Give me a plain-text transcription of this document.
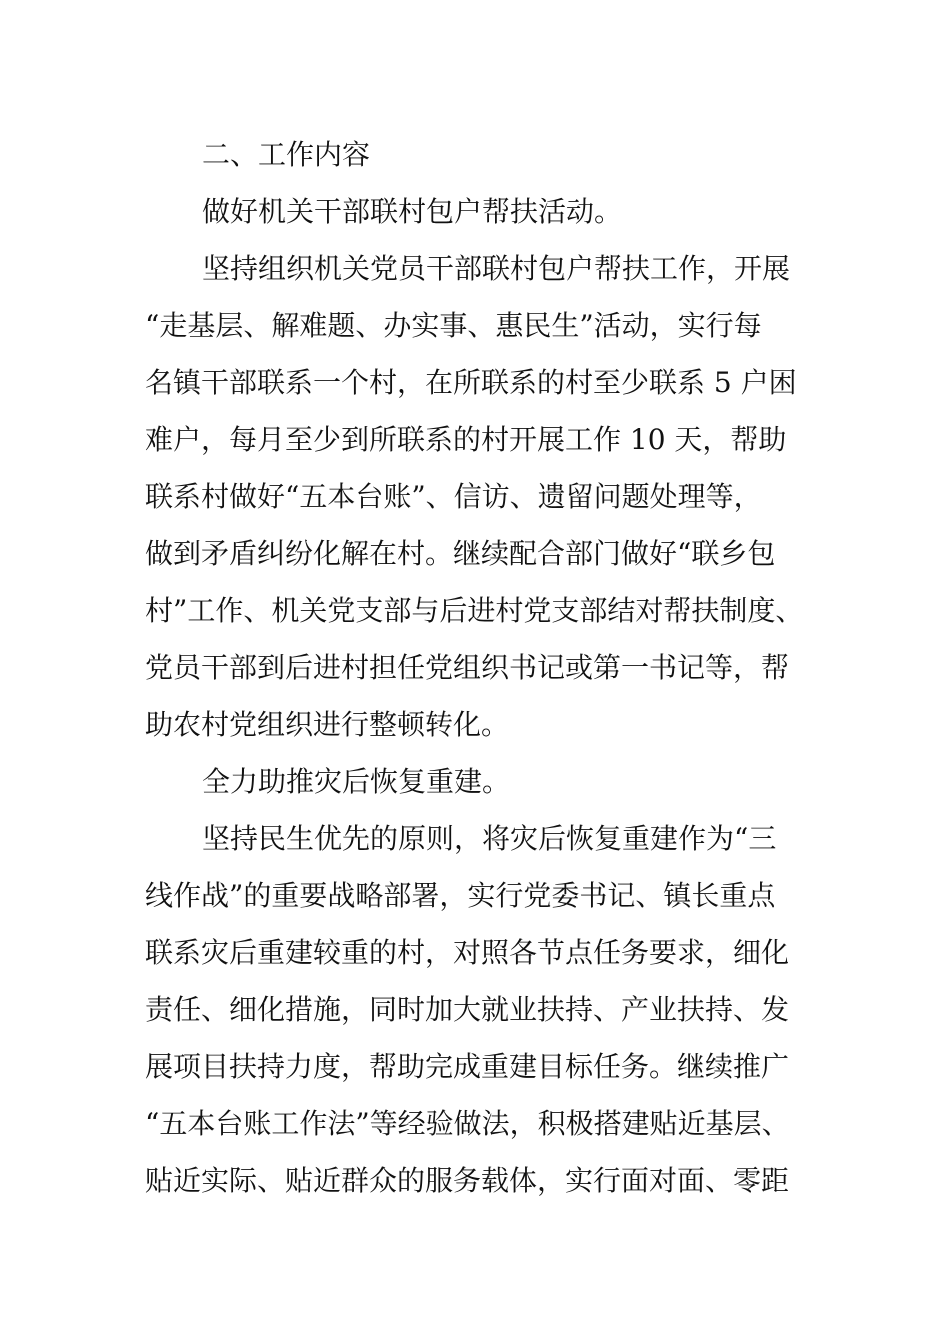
二、工作内容
做好机关干部联村包户帮扶活动。
坚持组织机关党员干部联村包户帮扶工作，开展
“走基层、解难题、办实事、惠民生”活动，实行每
名镇干部联系一个村，在所联系的村至少联系 5 户困
难户，每月至少到所联系的村开展工作 10 天，帮助
联系村做好“五本台账”、信访、遗留问题处理等，
做到矛盾纠纷化解在村。继续配合部门做好“联乡包
村”工作、机关党支部与后进村党支部结对帮扶制度、
党员干部到后进村担任党组织书记或第一书记等，帮
助农村党组织进行整顿转化。
全力助推灾后恢复重建。
坚持民生优先的原则，将灾后恢复重建作为“三
线作战”的重要战略部署，实行党委书记、镇长重点
联系灾后重建较重的村，对照各节点任务要求，细化
责任、细化措施，同时加大就业扶持、产业扶持、发
展项目扶持力度，帮助完成重建目标任务。继续推广
“五本台账工作法”等经验做法，积极搭建贴近基层、
贴近实际、贴近群众的服务载体，实行面对面、零距
